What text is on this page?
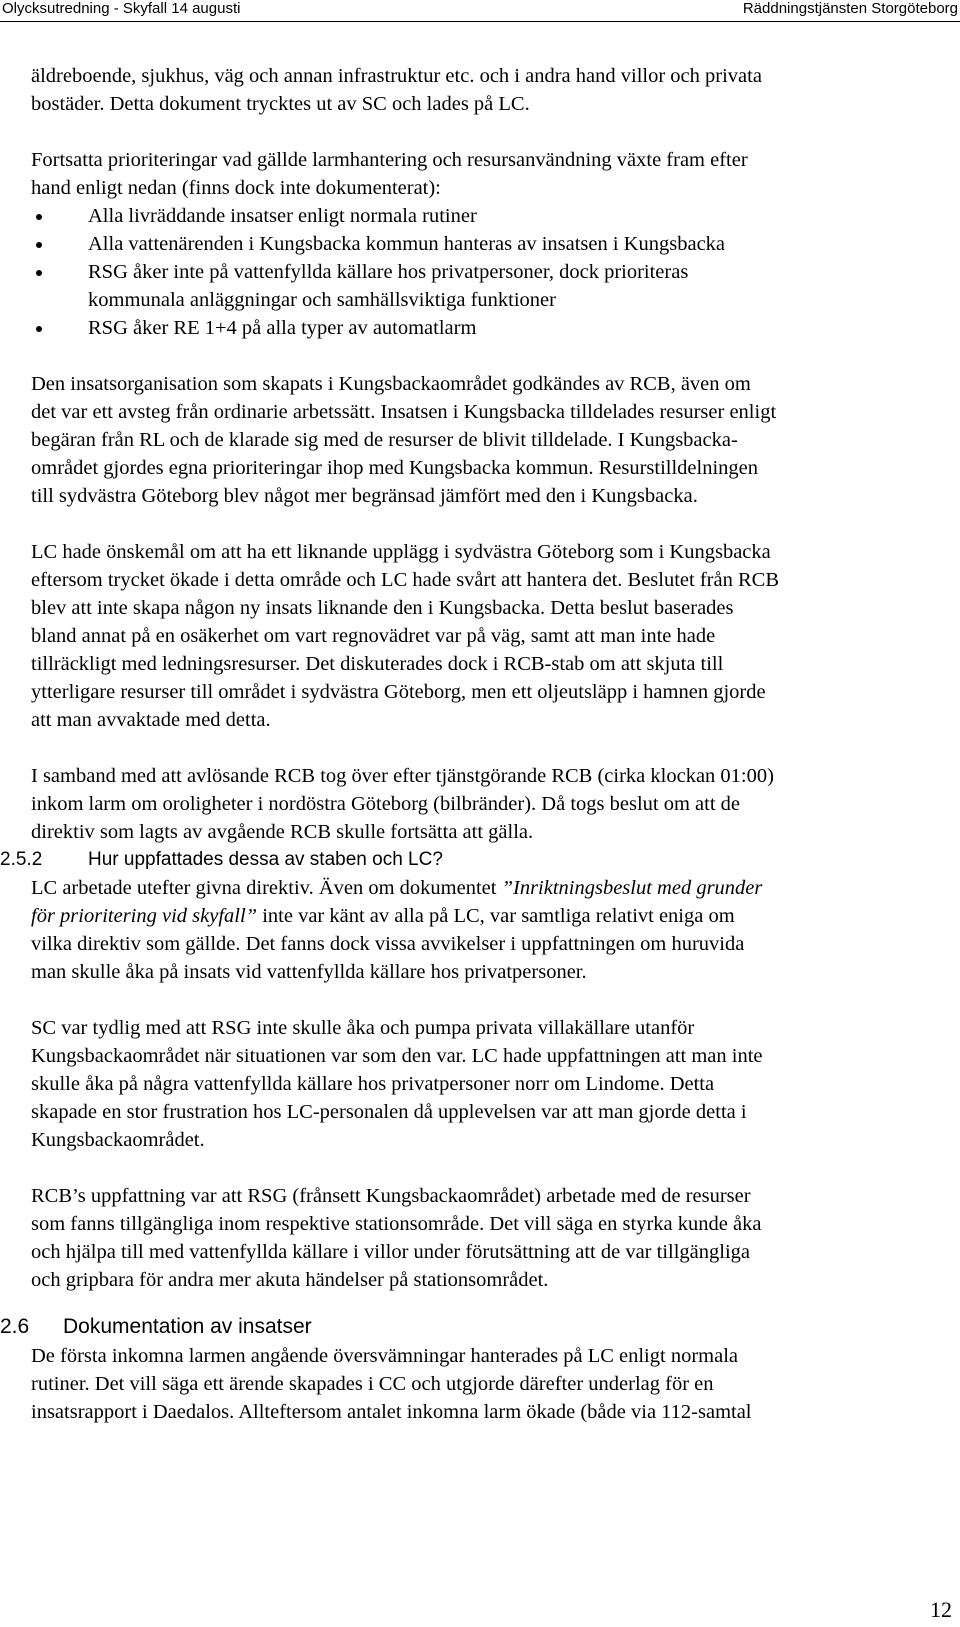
Olycksutredning - Skyfall 14 augusti	Räddningstjänsten Storgöteborg

äldreboende, sjukhus, väg och annan infrastruktur etc. och i andra hand villor och privata
bostäder. Detta dokument trycktes ut av SC och lades på LC.

Fortsatta prioriteringar vad gällde larmhantering och resursanvändning växte fram efter
hand enligt nedan (finns dock inte dokumenterat):

Alla livräddande insatser enligt normala rutiner
Alla vattenärenden i Kungsbacka kommun hanteras av insatsen i Kungsbacka
RSG åker inte på vattenfyllda källare hos privatpersoner, dock prioriteras
kommunala anläggningar och samhällsviktiga funktioner
RSG åker RE 1+4 på alla typer av automatlarm

Den insatsorganisation som skapats i Kungsbackaområdet godkändes av RCB, även om
det var ett avsteg från ordinarie arbetssätt. Insatsen i Kungsbacka tilldelades resurser enligt
begäran från RL och de klarade sig med de resurser de blivit tilldelade. I Kungsbacka-
området gjordes egna prioriteringar ihop med Kungsbacka kommun. Resurstilldelningen
till sydvästra Göteborg blev något mer begränsad jämfört med den i Kungsbacka.

LC hade önskemål om att ha ett liknande upplägg i sydvästra Göteborg som i Kungsbacka
eftersom trycket ökade i detta område och LC hade svårt att hantera det. Beslutet från RCB
blev att inte skapa någon ny insats liknande den i Kungsbacka. Detta beslut baserades
bland annat på en osäkerhet om vart regnovädret var på väg, samt att man inte hade
tillräckligt med ledningsresurser. Det diskuterades dock i RCB-stab om att skjuta till
ytterligare resurser till området i sydvästra Göteborg, men ett oljeutsläpp i hamnen gjorde
att man avvaktade med detta.

I samband med att avlösande RCB tog över efter tjänstgörande RCB (cirka klockan 01:00)
inkom larm om oroligheter i nordöstra Göteborg (bilbränder). Då togs beslut om att de
direktiv som lagts av avgående RCB skulle fortsätta att gälla.

2.5.2	Hur uppfattades dessa av staben och LC?

LC arbetade utefter givna direktiv. Även om dokumentet ”Inriktningsbeslut med grunder
för prioritering vid skyfall” inte var känt av alla på LC, var samtliga relativt eniga om
vilka direktiv som gällde. Det fanns dock vissa avvikelser i uppfattningen om huruvida
man skulle åka på insats vid vattenfyllda källare hos privatpersoner.

SC var tydlig med att RSG inte skulle åka och pumpa privata villakällare utanför
Kungsbackaområdet när situationen var som den var. LC hade uppfattningen att man inte
skulle åka på några vattenfyllda källare hos privatpersoner norr om Lindome. Detta
skapade en stor frustration hos LC-personalen då upplevelsen var att man gjorde detta i
Kungsbackaområdet.

RCB’s uppfattning var att RSG (frånsett Kungsbackaområdet) arbetade med de resurser
som fanns tillgängliga inom respektive stationsområde. Det vill säga en styrka kunde åka
och hjälpa till med vattenfyllda källare i villor under förutsättning att de var tillgängliga
och gripbara för andra mer akuta händelser på stationsområdet.

2.6	Dokumentation av insatser

De första inkomna larmen angående översvämningar hanterades på LC enligt normala
rutiner. Det vill säga ett ärende skapades i CC och utgjorde därefter underlag för en
insatsrapport i Daedalos. Allteftersom antalet inkomna larm ökade (både via 112-samtal

12
